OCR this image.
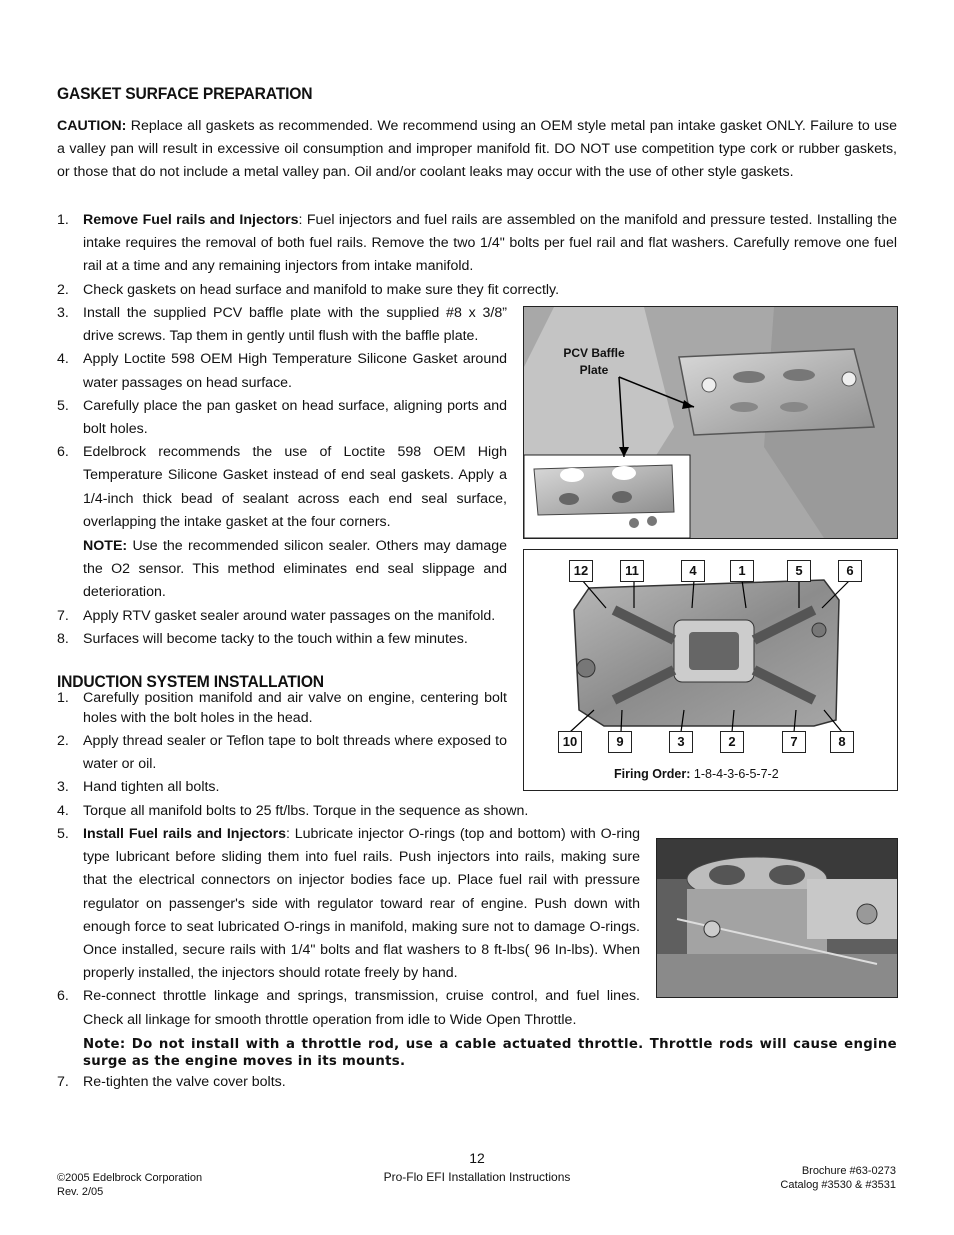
GASKET SURFACE PREPARATION
CAUTION: Replace all gaskets as recommended. We recommend using an OEM style metal pan intake gasket ONLY. Failure to use a valley pan will result in excessive oil consumption and improper manifold fit. DO NOT use competition type cork or rubber gaskets, or those that do not include a metal valley pan. Oil and/or coolant leaks may occur with the use of other style gaskets.
1. Remove Fuel rails and Injectors: Fuel injectors and fuel rails are assembled on the manifold and pressure tested. Installing the intake requires the removal of both fuel rails. Remove the two 1/4" bolts per fuel rail and flat washers. Carefully remove one fuel rail at a time and any remaining injectors from intake manifold.
2. Check gaskets on head surface and manifold to make sure they fit correctly.
3. Install the supplied PCV baffle plate with the supplied #8 x 3/8” drive screws. Tap them in gently until flush with the baffle plate.
4. Apply Loctite 598 OEM High Temperature Silicone Gasket around water passages on head surface.
5. Carefully place the pan gasket on head surface, aligning ports and bolt holes.
6. Edelbrock recommends the use of Loctite 598 OEM High Temperature Silicone Gasket instead of end seal gaskets. Apply a 1/4-inch thick bead of sealant across each end seal surface, overlapping the intake gasket at the four corners.
NOTE: Use the recommended silicon sealer. Others may damage the O2 sensor. This method eliminates end seal slippage and deterioration.
7. Apply RTV gasket sealer around water passages on the manifold.
8. Surfaces will become tacky to the touch within a few minutes.
PCV Baffle
Plate
12	11	4	1	5	6
10	9	3	2	7	8
Firing Order: 1-8-4-3-6-5-7-2
INDUCTION SYSTEM INSTALLATION
1. Carefully position manifold and air valve on engine, centering bolt holes with the bolt holes in the head.
2. Apply thread sealer or Teflon tape to bolt threads where exposed to water or oil.
3. Hand tighten all bolts.
4. Torque all manifold bolts to 25 ft/lbs. Torque in the sequence as shown.
5. Install Fuel rails and Injectors: Lubricate injector O-rings (top and bottom) with O-ring type lubricant before sliding them into fuel rails. Push injectors into rails, making sure that the electrical connectors on injector bodies face up. Place fuel rail with pressure regulator on passenger's side with regulator toward rear of engine. Push down with enough force to seat lubricated O-rings in manifold, making sure not to damage O-rings. Once installed, secure rails with 1/4" bolts and flat washers to 8 ft-lbs( 96 In-lbs). When properly installed, the injectors should rotate freely by hand.
6. Re-connect throttle linkage and springs, transmission, cruise control, and fuel lines. Check all linkage for smooth throttle operation from idle to Wide Open Throttle.
Note: Do not install with a throttle rod, use a cable actuated throttle. Throttle rods will cause engine surge as the engine moves in its mounts.
7. Re-tighten the valve cover bolts.
12
Pro-Flo EFI Installation Instructions
©2005 Edelbrock Corporation
Rev. 2/05
Brochure #63-0273
Catalog #3530 & #3531
